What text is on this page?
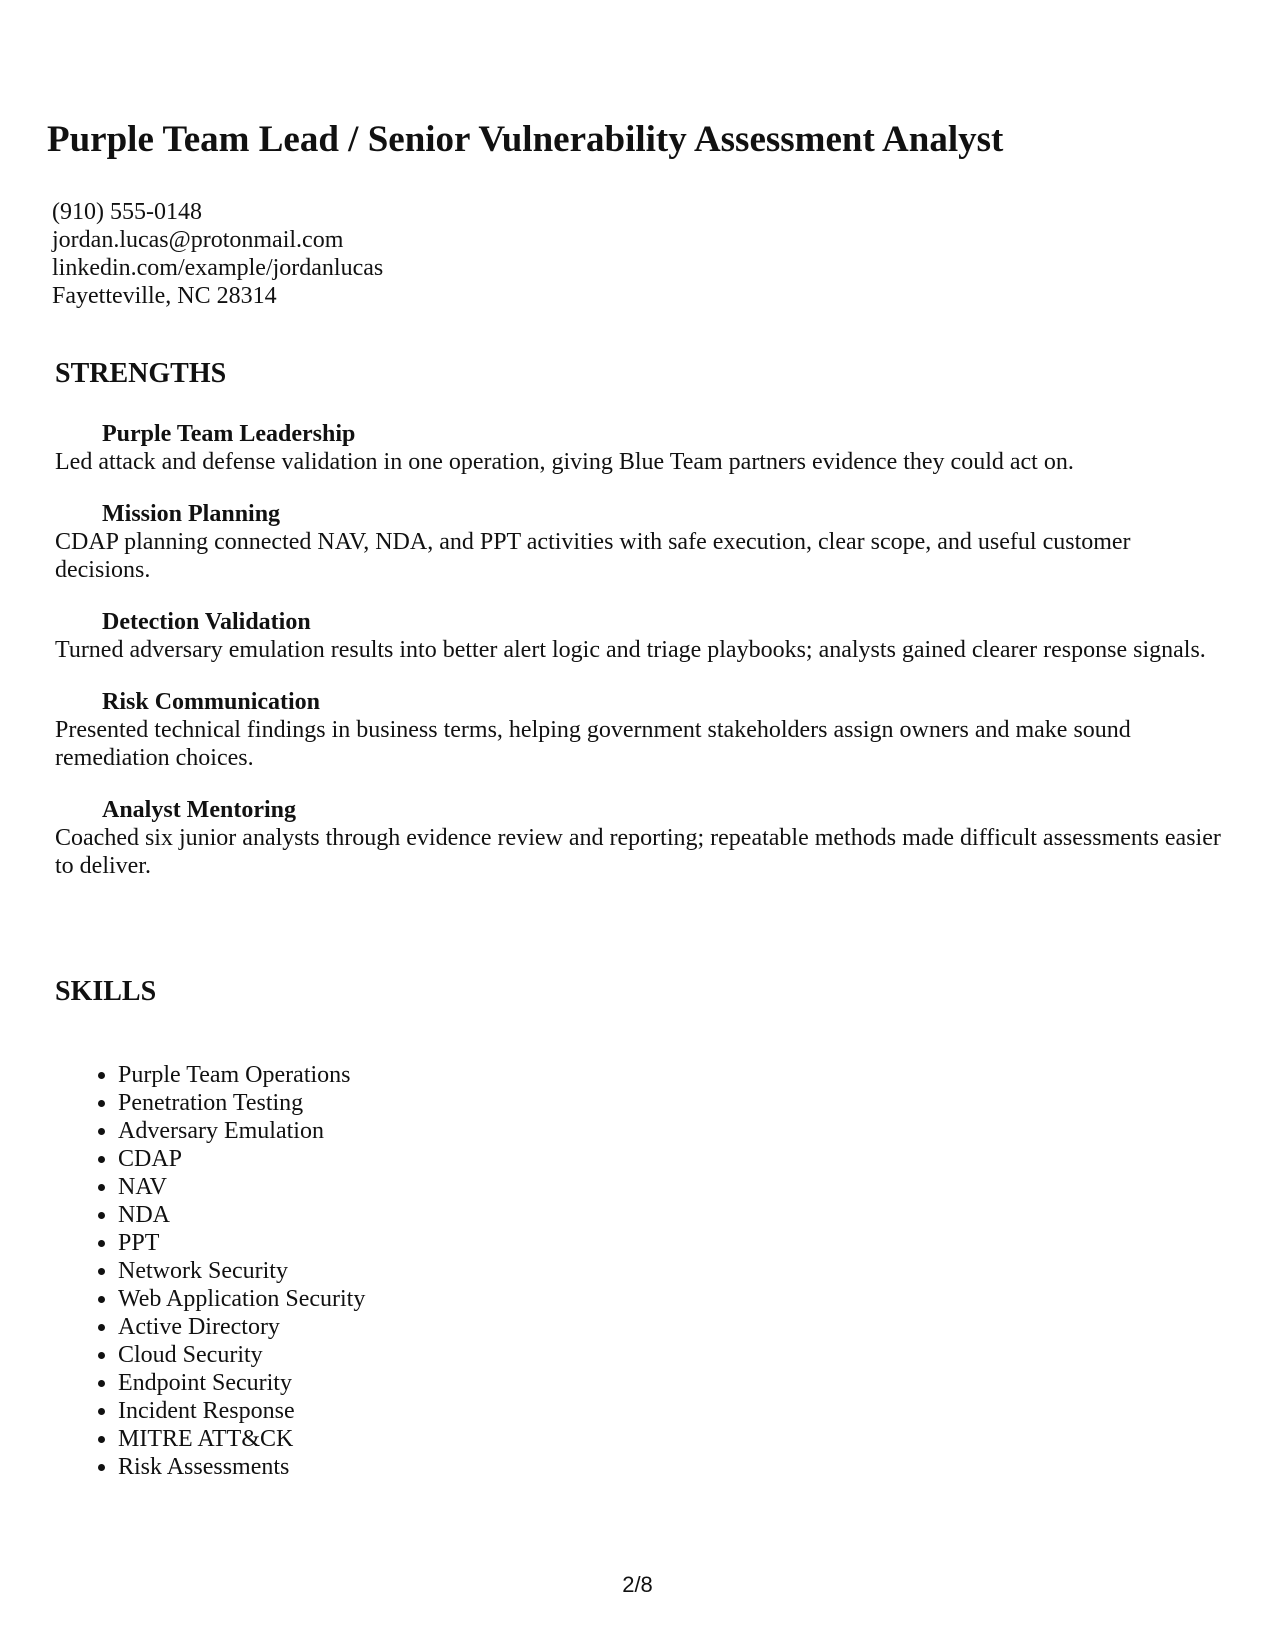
Purple Team Lead / Senior Vulnerability Assessment Analyst
(910) 555-0148
jordan.lucas@protonmail.com
linkedin.com/example/jordanlucas
Fayetteville, NC 28314
STRENGTHS
Purple Team Leadership
Led attack and defense validation in one operation, giving Blue Team partners evidence they could act on.
Mission Planning
CDAP planning connected NAV, NDA, and PPT activities with safe execution, clear scope, and useful customer decisions.
Detection Validation
Turned adversary emulation results into better alert logic and triage playbooks; analysts gained clearer response signals.
Risk Communication
Presented technical findings in business terms, helping government stakeholders assign owners and make sound remediation choices.
Analyst Mentoring
Coached six junior analysts through evidence review and reporting; repeatable methods made difficult assessments easier to deliver.
SKILLS
• Purple Team Operations
• Penetration Testing
• Adversary Emulation
• CDAP
• NAV
• NDA
• PPT
• Network Security
• Web Application Security
• Active Directory
• Cloud Security
• Endpoint Security
• Incident Response
• MITRE ATT&CK
• Risk Assessments
2/8
